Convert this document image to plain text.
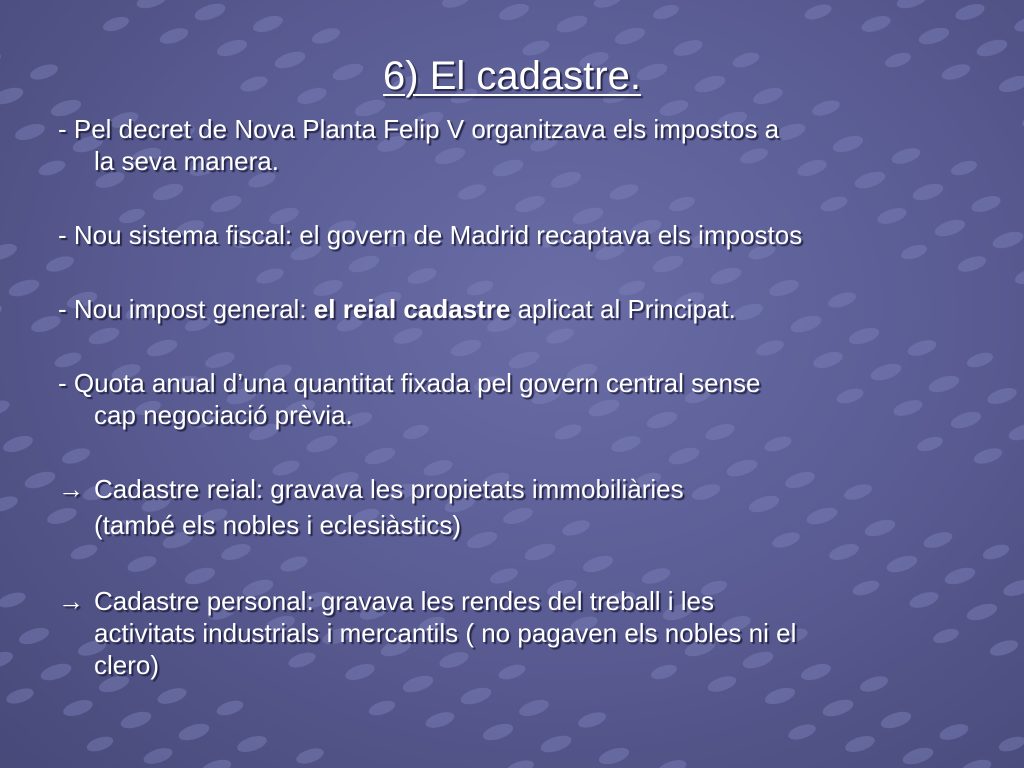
6) El cadastre.
- Pel decret de Nova Planta Felip V organitzava els impostos a
la seva manera.
- Nou sistema fiscal: el govern de Madrid recaptava els impostos
- Nou impost general: el reial cadastre aplicat al Principat.
- Quota anual d’una quantitat fixada pel govern central sense
cap negociació prèvia.
→ Cadastre reial: gravava les propietats immobiliàries
(també els nobles i eclesiàstics)
→ Cadastre personal: gravava les rendes del treball i les
activitats industrials i mercantils ( no pagaven els nobles ni el
clero)
